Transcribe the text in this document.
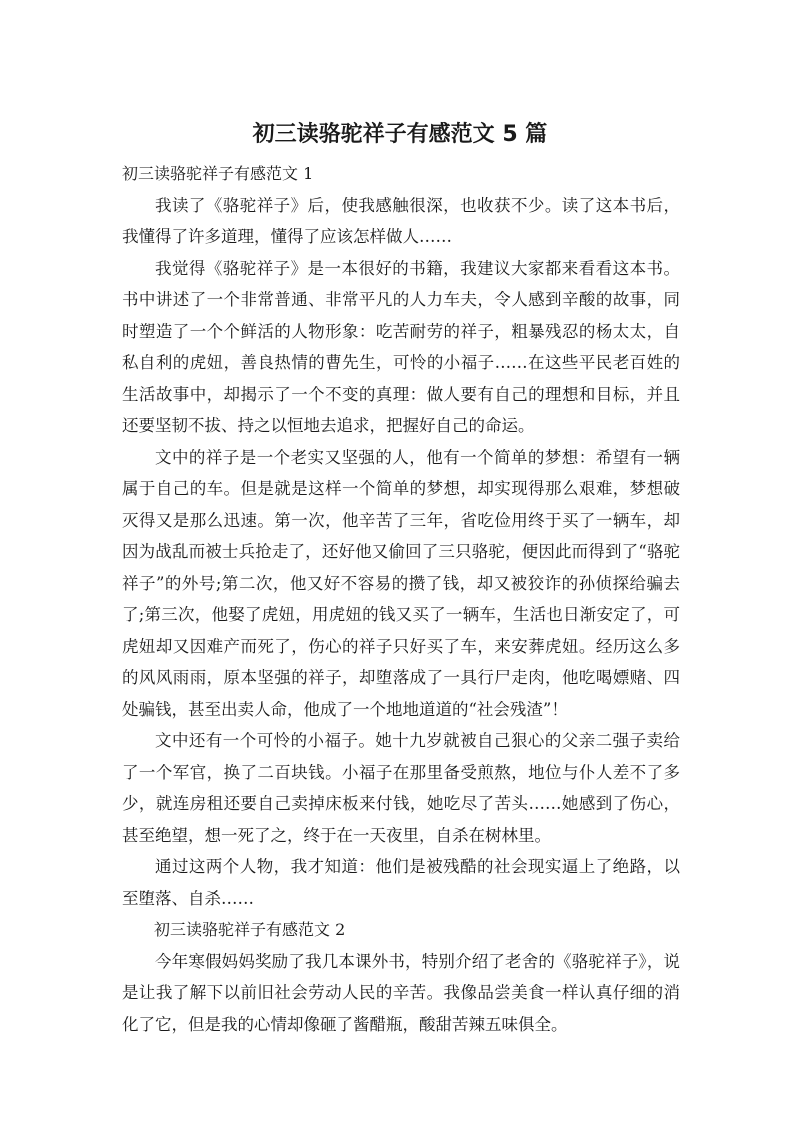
初三读骆驼祥子有感范文 5 篇

初三读骆驼祥子有感范文 1

我读了《骆驼祥子》后，使我感触很深，也收获不少。读了这本书后，我懂得了许多道理，懂得了应该怎样做人……

我觉得《骆驼祥子》是一本很好的书籍，我建议大家都来看看这本书。书中讲述了一个非常普通、非常平凡的人力车夫，令人感到辛酸的故事，同时塑造了一个个鲜活的人物形象：吃苦耐劳的祥子，粗暴残忍的杨太太，自私自利的虎妞，善良热情的曹先生，可怜的小福子……在这些平民老百姓的生活故事中，却揭示了一个不变的真理：做人要有自己的理想和目标，并且还要坚韧不拔、持之以恒地去追求，把握好自己的命运。

文中的祥子是一个老实又坚强的人，他有一个简单的梦想：希望有一辆属于自己的车。但是就是这样一个简单的梦想，却实现得那么艰难，梦想破灭得又是那么迅速。第一次，他辛苦了三年，省吃俭用终于买了一辆车，却因为战乱而被士兵抢走了，还好他又偷回了三只骆驼，便因此而得到了“骆驼祥子”的外号;第二次，他又好不容易的攒了钱，却又被狡诈的孙侦探给骗去了;第三次，他娶了虎妞，用虎妞的钱又买了一辆车，生活也日渐安定了，可虎妞却又因难产而死了，伤心的祥子只好买了车，来安葬虎妞。经历这么多的风风雨雨，原本坚强的祥子，却堕落成了一具行尸走肉，他吃喝嫖赌、四处骗钱，甚至出卖人命，他成了一个地地道道的“社会残渣”！

文中还有一个可怜的小福子。她十九岁就被自己狠心的父亲二强子卖给了一个军官，换了二百块钱。小福子在那里备受煎熬，地位与仆人差不了多少，就连房租还要自己卖掉床板来付钱，她吃尽了苦头……她感到了伤心，甚至绝望，想一死了之，终于在一天夜里，自杀在树林里。

通过这两个人物，我才知道：他们是被残酷的社会现实逼上了绝路，以至堕落、自杀……

初三读骆驼祥子有感范文 2

今年寒假妈妈奖励了我几本课外书，特别介绍了老舍的《骆驼祥子》，说是让我了解下以前旧社会劳动人民的辛苦。我像品尝美食一样认真仔细的消化了它，但是我的心情却像砸了酱醋瓶，酸甜苦辣五味俱全。
